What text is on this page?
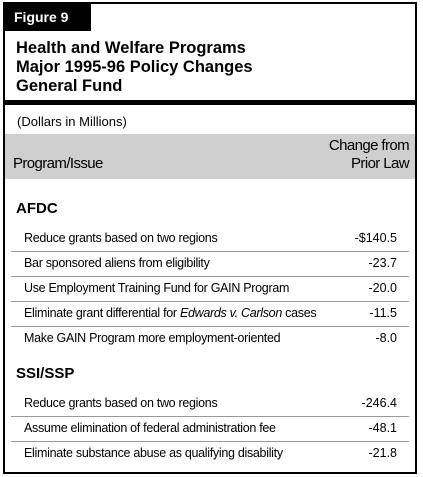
Figure 9
Health and Welfare Programs
Major 1995-96 Policy Changes
General Fund
(Dollars in Millions)
Program/Issue
Change from
Prior Law
AFDC
Reduce grants based on two regions	-$140.5
Bar sponsored aliens from eligibility	-23.7
Use Employment Training Fund for GAIN Program	-20.0
Eliminate grant differential for Edwards v. Carlson cases	-11.5
Make GAIN Program more employment-oriented	-8.0
SSI/SSP
Reduce grants based on two regions	-246.4
Assume elimination of federal administration fee	-48.1
Eliminate substance abuse as qualifying disability	-21.8
